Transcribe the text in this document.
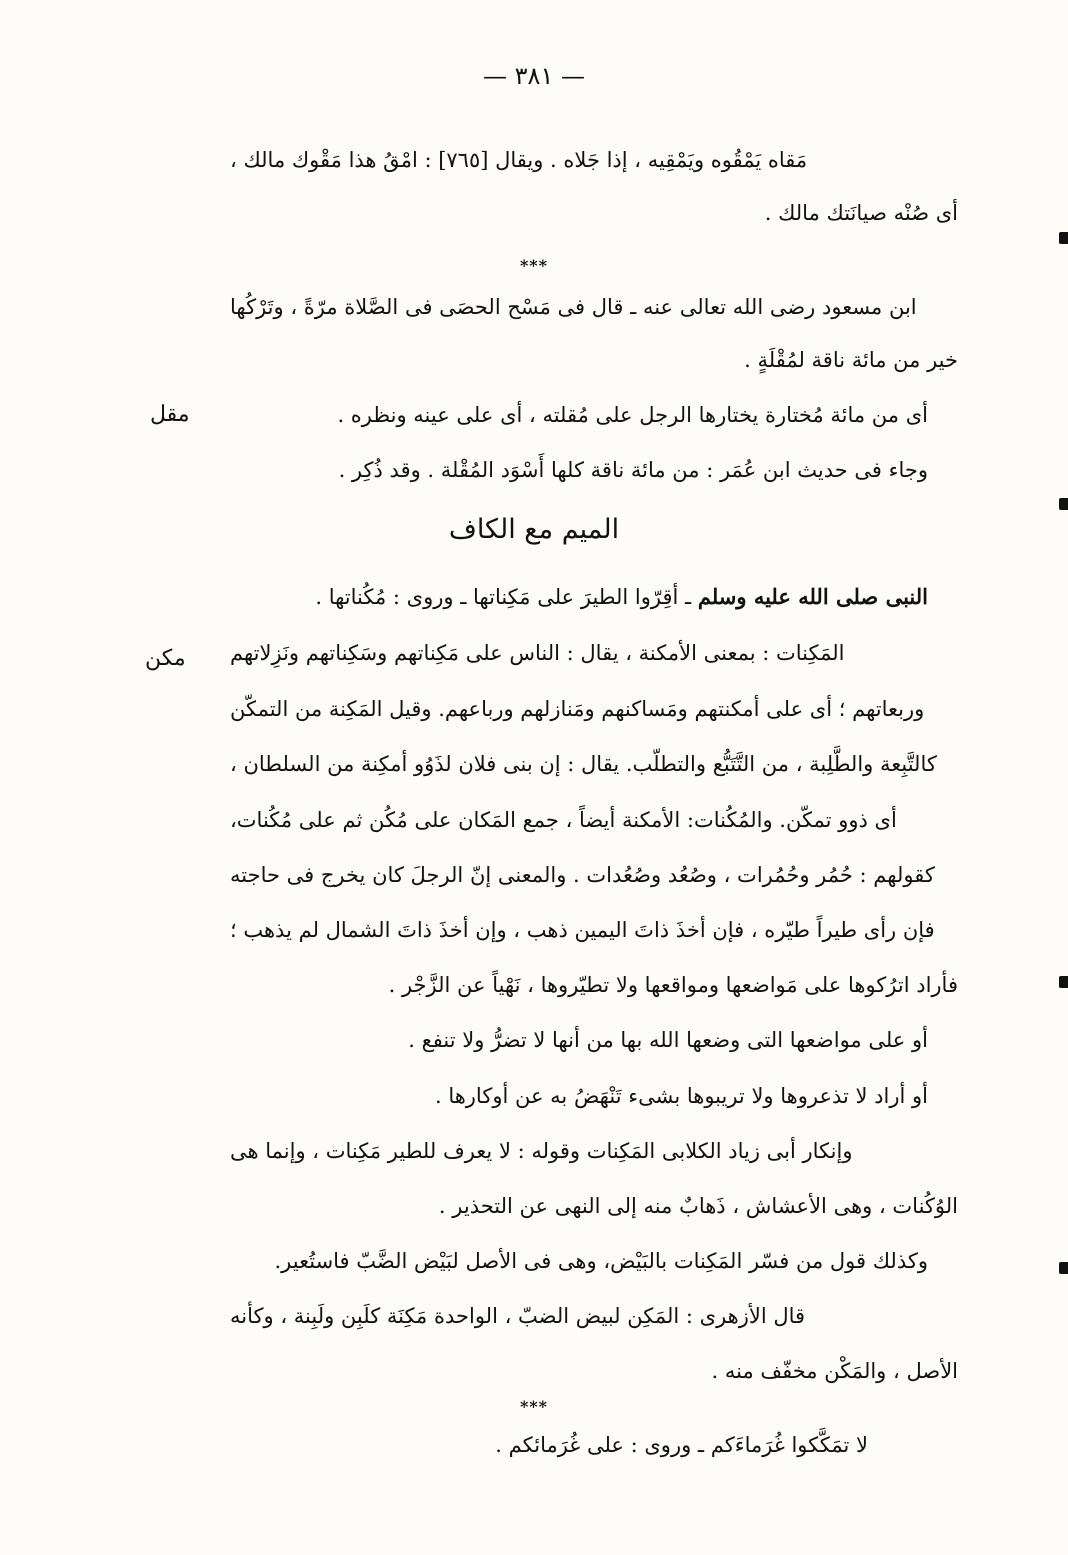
— ٣٨١ —
مَقاه يَمْقُوه ويَمْقِيه ، إذا جَلاه . ويقال [٧٦٥] : امْقُ هذا مَقْوك مالك ،
أى صُنْه صيانَتك مالك .
***
ابن مسعود رضى الله تعالى عنه ـ قال فى مَسْح الحصَى فى الصَّلاة مرّةً ، وتَرْكُها
خير من مائة ناقة لمُقْلَةٍ .
أى من مائة مُختارة يختارها الرجل على مُقلته ، أى على عينه ونظره .
مقل
وجاء فى حديث ابن عُمَر : من مائة ناقة كلها أَسْوَد المُقْلة . وقد ذُكِر .
الميم مع الكاف
النبى صلى الله عليه وسلم ـ أقِرّوا الطيرَ على مَكِناتها ـ وروى : مُكُناتها .
المَكِنات : بمعنى الأمكنة ، يقال : الناس على مَكِناتهم وسَكِناتهم ونَزِلاتهم
مكن
وربعاتهم ؛ أى على أمكنتهم ومَساكنهم ومَنازلهم ورباعهم. وقيل المَكِنة من التمكّن
كالتَّبِعة والطَّلِبة ، من التَّتَبُّع والتطلّب. يقال : إن بنى فلان لذَوُو أمكِنة من السلطان ،
أى ذوو تمكّن. والمُكُنات: الأمكنة أيضاً ، جمع المَكان على مُكُن ثم على مُكُنات،
كقولهم : حُمُر وحُمُرات ، وصُعُد وصُعُدات . والمعنى إنّ الرجلَ كان يخرج فى حاجته
فإن رأى طيراً طيّره ، فإن أخذَ ذاتَ اليمين ذهب ، وإن أخذَ ذاتَ الشمال لم يذهب ؛
فأراد اترُكوها على مَواضعها ومواقعها ولا تطيّروها ، نَهْياً عن الزَّجْر .
أو على مواضعها التى وضعها الله بها من أنها لا تضرُّ ولا تنفع .
أو أراد لا تذعروها ولا تريبوها بشىء تَنْهَضُ به عن أوكارها .
وإنكار أبى زياد الكلابى المَكِنات وقوله : لا يعرف للطير مَكِنات ، وإنما هى
الوُكُنات ، وهى الأعشاش ، ذَهابٌ منه إلى النهى عن التحذير .
وكذلك قول من فسّر المَكِنات بالبَيْض، وهى فى الأصل لبَيْض الضَّبّ فاستُعير.
قال الأزهرى : المَكِن لبيض الضبّ ، الواحدة مَكِنَة كلَبِن ولَبِنة ، وكأنه
الأصل ، والمَكْن مخفّف منه .
***
لا تمَكَّكوا غُرَماءَكم ـ وروى : على غُرَمائكم .
